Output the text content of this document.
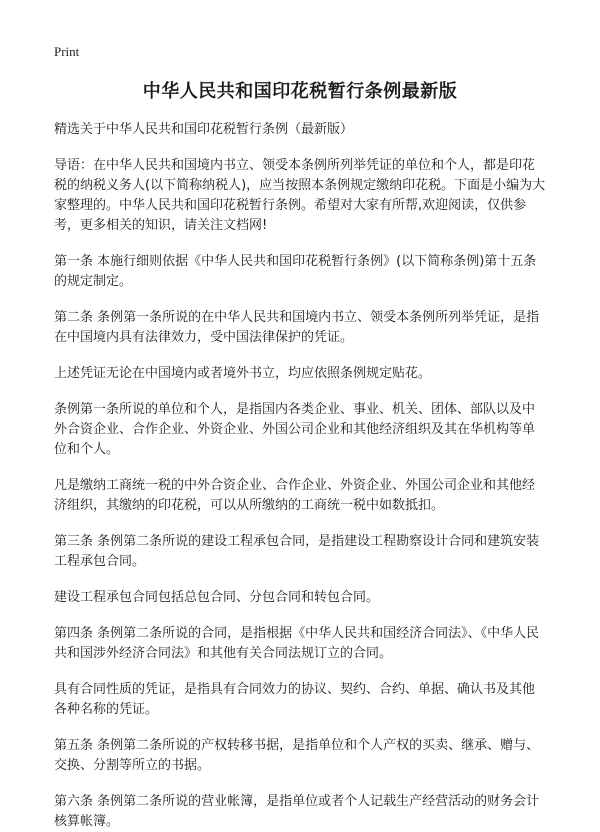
Print
中华人民共和国印花税暂行条例最新版

精选关于中华人民共和国印花税暂行条例（最新版）

导语：在中华人民共和国境内书立、领受本条例所列举凭证的单位和个人，都是印花税的纳税义务人(以下简称纳税人)，应当按照本条例规定缴纳印花税。下面是小编为大家整理的。中华人民共和国印花税暂行条例。希望对大家有所帮,欢迎阅读，仅供参考，更多相关的知识，请关注文档网!

第一条 本施行细则依据《中华人民共和国印花税暂行条例》(以下简称条例)第十五条的规定制定。

第二条 条例第一条所说的在中华人民共和国境内书立、领受本条例所列举凭证，是指在中国境内具有法律效力，受中国法律保护的凭证。

上述凭证无论在中国境内或者境外书立，均应依照条例规定贴花。

条例第一条所说的单位和个人，是指国内各类企业、事业、机关、团体、部队以及中外合资企业、合作企业、外资企业、外国公司企业和其他经济组织及其在华机构等单位和个人。

凡是缴纳工商统一税的中外合资企业、合作企业、外资企业、外国公司企业和其他经济组织，其缴纳的印花税，可以从所缴纳的工商统一税中如数抵扣。

第三条 条例第二条所说的建设工程承包合同，是指建设工程勘察设计合同和建筑安装工程承包合同。

建设工程承包合同包括总包合同、分包合同和转包合同。

第四条 条例第二条所说的合同，是指根据《中华人民共和国经济合同法》、《中华人民共和国涉外经济合同法》和其他有关合同法规订立的合同。

具有合同性质的凭证，是指具有合同效力的协议、契约、合约、单据、确认书及其他各种名称的凭证。

第五条 条例第二条所说的产权转移书据，是指单位和个人产权的买卖、继承、赠与、交换、分割等所立的书据。

第六条 条例第二条所说的营业帐簿，是指单位或者个人记载生产经营活动的财务会计核算帐簿。
